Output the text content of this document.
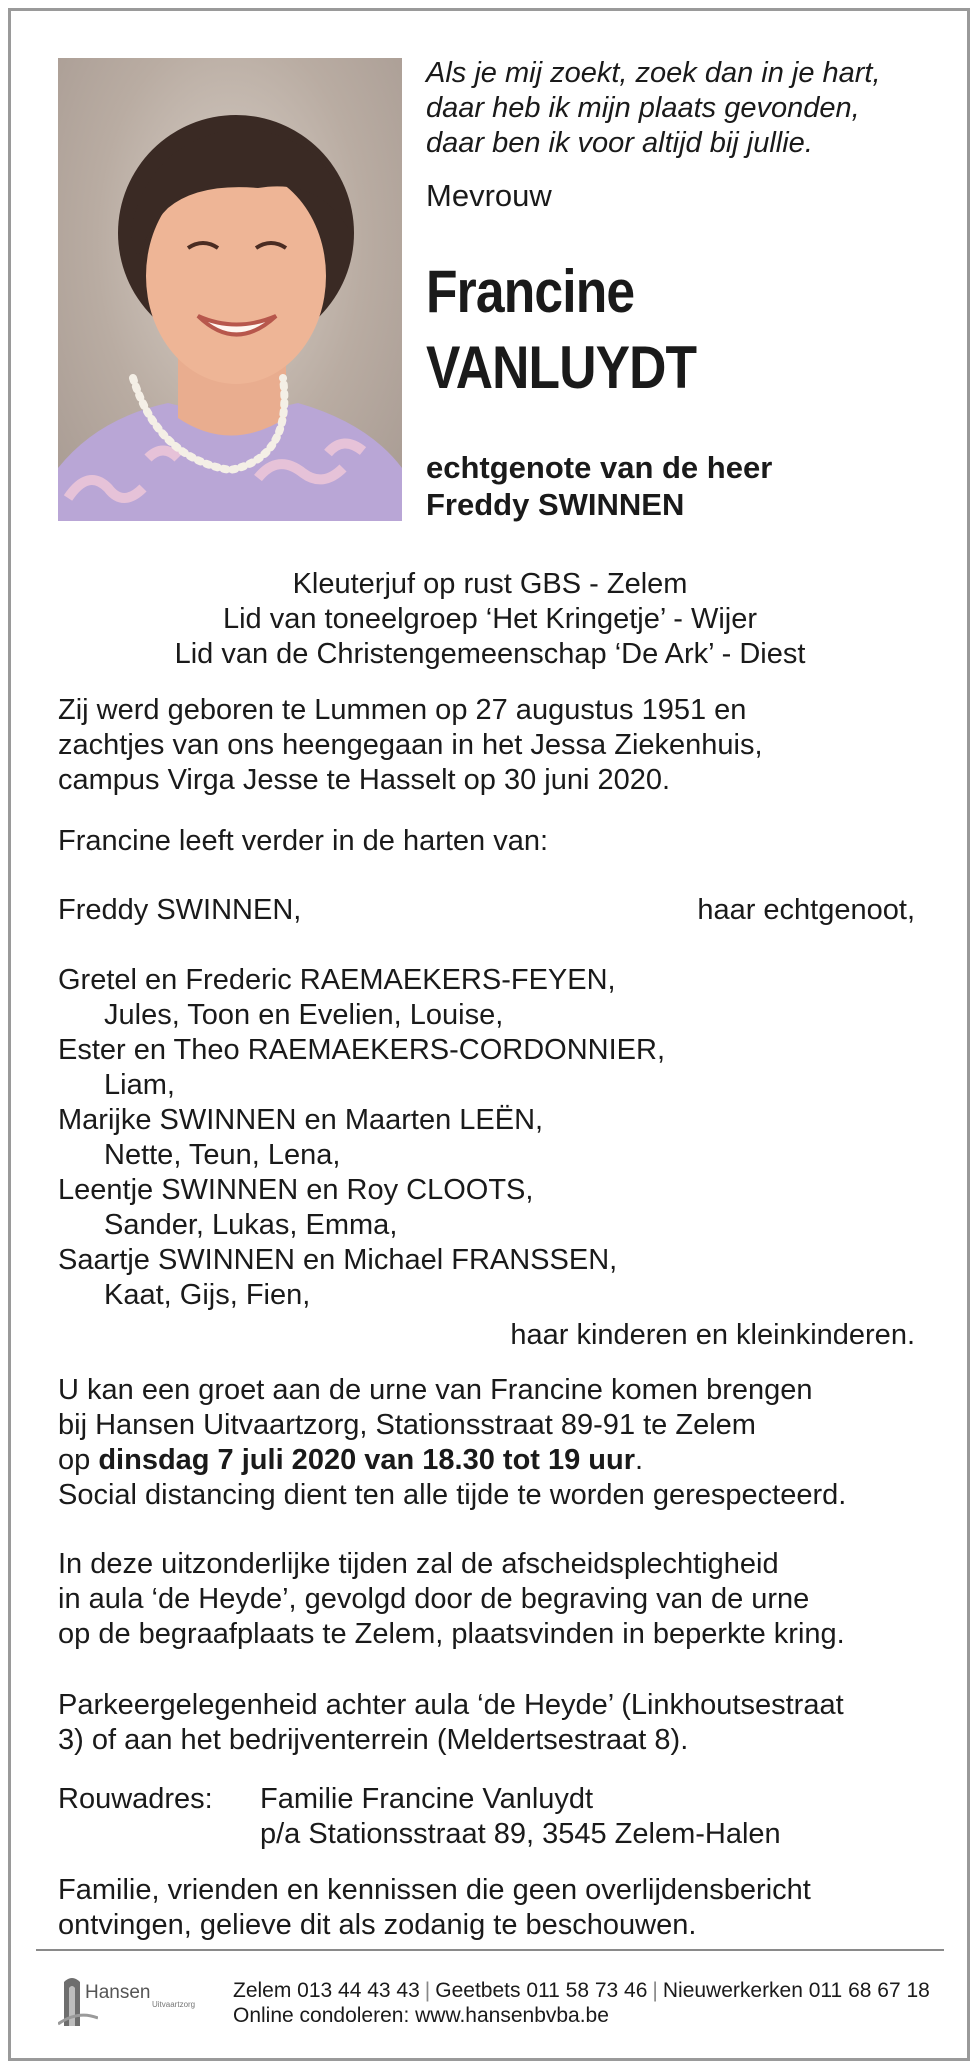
Als je mij zoekt, zoek dan in je hart,
daar heb ik mijn plaats gevonden,
daar ben ik voor altijd bij jullie.
Mevrouw
Francine
VANLUYDT
echtgenote van de heer
Freddy SWINNEN
Kleuterjuf op rust GBS - Zelem
Lid van toneelgroep ‘Het Kringetje’ - Wijer
Lid van de Christengemeenschap ‘De Ark’ - Diest
Zij werd geboren te Lummen op 27 augustus 1951 en
zachtjes van ons heengegaan in het Jessa Ziekenhuis,
campus Virga Jesse te Hasselt op 30 juni 2020.
Francine leeft verder in de harten van:
Freddy SWINNEN,	haar echtgenoot,
Gretel en Frederic RAEMAEKERS-FEYEN,
Jules, Toon en Evelien, Louise,
Ester en Theo RAEMAEKERS-CORDONNIER,
Liam,
Marijke SWINNEN en Maarten LEËN,
Nette, Teun, Lena,
Leentje SWINNEN en Roy CLOOTS,
Sander, Lukas, Emma,
Saartje SWINNEN en Michael FRANSSEN,
Kaat, Gijs, Fien,
haar kinderen en kleinkinderen.
U kan een groet aan de urne van Francine komen brengen
bij Hansen Uitvaartzorg, Stationsstraat 89-91 te Zelem
op dinsdag 7 juli 2020 van 18.30 tot 19 uur.
Social distancing dient ten alle tijde te worden gerespecteerd.
In deze uitzonderlijke tijden zal de afscheidsplechtigheid
in aula ‘de Heyde’, gevolgd door de begraving van de urne
op de begraafplaats te Zelem, plaatsvinden in beperkte kring.
Parkeergelegenheid achter aula ‘de Heyde’ (Linkhoutsestraat
3) of aan het bedrijventerrein (Meldertsestraat 8).
Rouwadres: Familie Francine Vanluydt
p/a Stationsstraat 89, 3545 Zelem-Halen
Familie, vrienden en kennissen die geen overlijdensbericht
ontvingen, gelieve dit als zodanig te beschouwen.
Hansen
Uitvaartzorg
Zelem 013 44 43 43 | Geetbets 011 58 73 46 | Nieuwerkerken 011 68 67 18
Online condoleren: www.hansenbvba.be
